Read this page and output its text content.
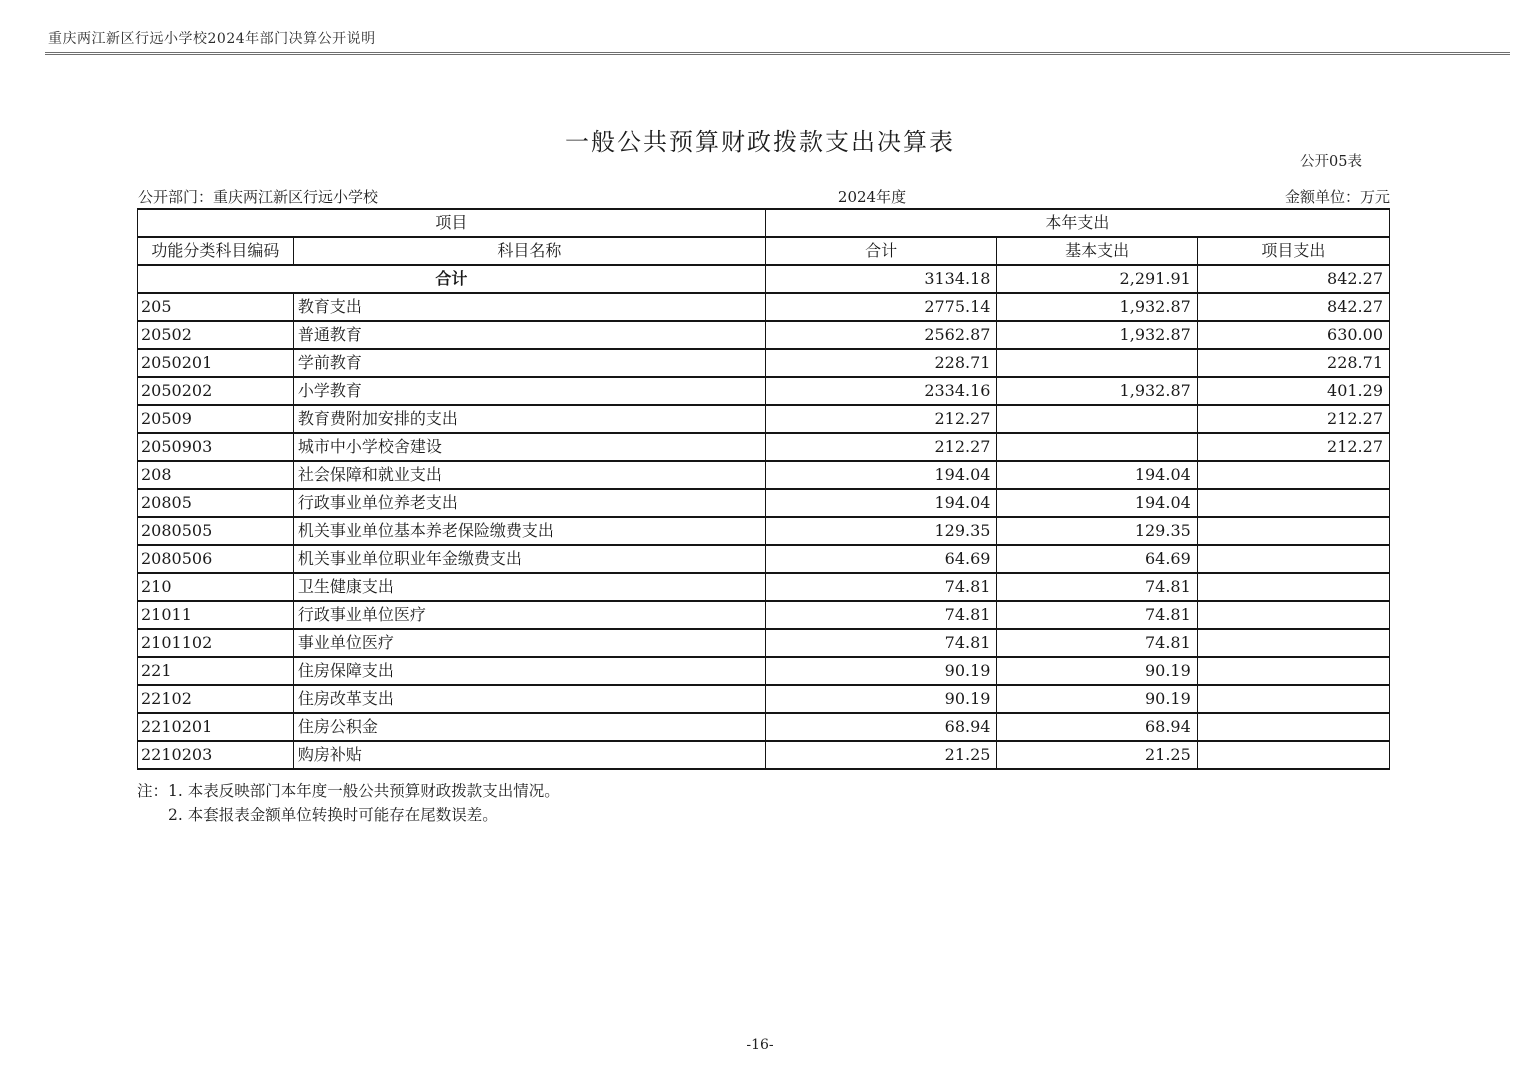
重庆两江新区行远小学校2024年部门决算公开说明
一般公共预算财政拨款支出决算表
公开05表
公开部门：重庆两江新区行远小学校	2024年度	金额单位：万元
项目		本年支出		
功能分类科目编码	科目名称	合计	基本支出	项目支出
合计		3134.18	2,291.91	842.27
205	教育支出	2775.14	1,932.87	842.27
20502	普通教育	2562.87	1,932.87	630.00
2050201	学前教育	228.71		228.71
2050202	小学教育	2334.16	1,932.87	401.29
20509	教育费附加安排的支出	212.27		212.27
2050903	城市中小学校舍建设	212.27		212.27
208	社会保障和就业支出	194.04	194.04	
20805	行政事业单位养老支出	194.04	194.04	
2080505	机关事业单位基本养老保险缴费支出	129.35	129.35	
2080506	机关事业单位职业年金缴费支出	64.69	64.69	
210	卫生健康支出	74.81	74.81	
21011	行政事业单位医疗	74.81	74.81	
2101102	事业单位医疗	74.81	74.81	
221	住房保障支出	90.19	90.19	
22102	住房改革支出	90.19	90.19	
2210201	住房公积金	68.94	68.94	
2210203	购房补贴	21.25	21.25	
注： 1. 本表反映部门本年度一般公共预算财政拨款支出情况。
2. 本套报表金额单位转换时可能存在尾数误差。
-16-
